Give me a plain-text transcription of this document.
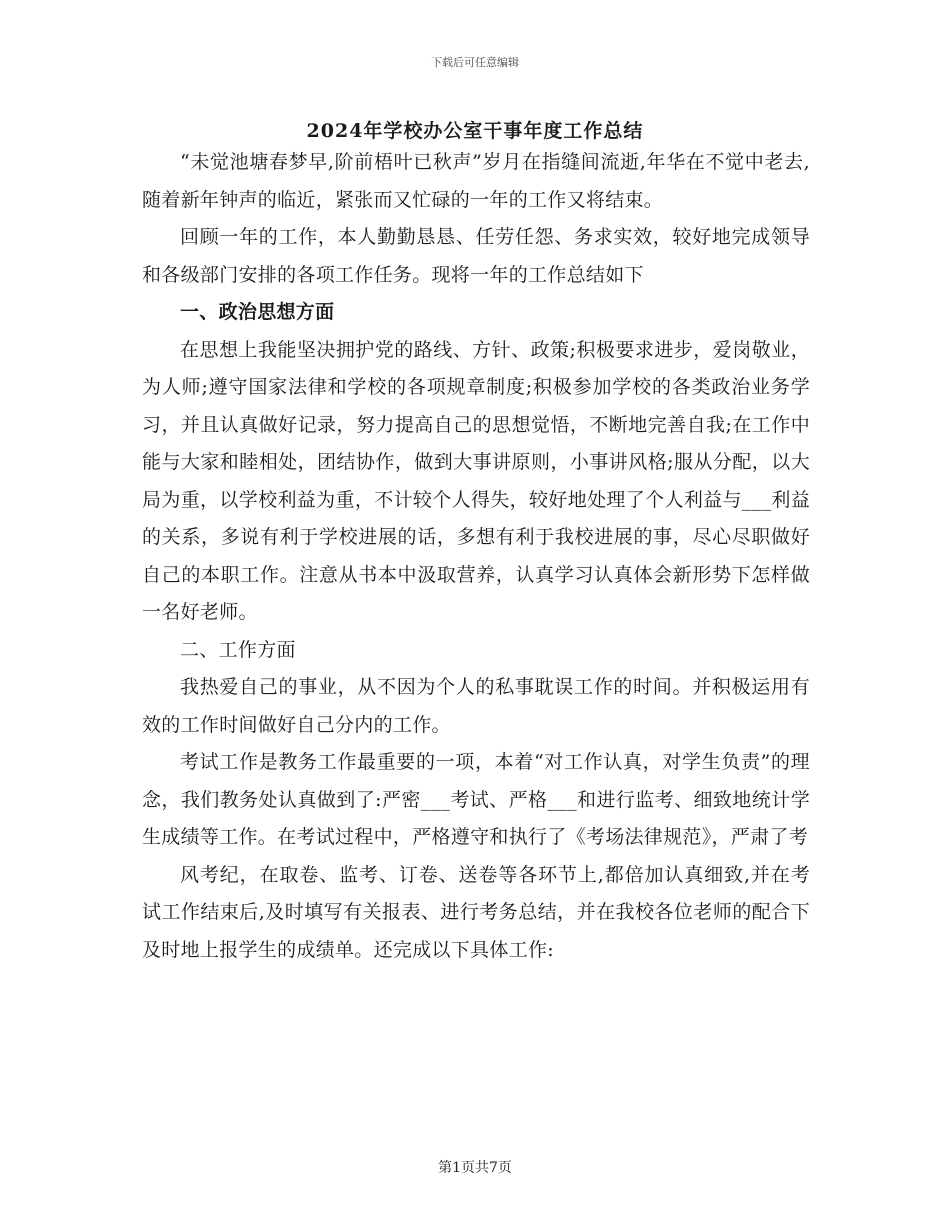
下载后可任意编辑
2024年学校办公室干事年度工作总结

“未觉池塘春梦早,阶前梧叶已秋声”岁月在指缝间流逝,年华在不觉中老去,随着新年钟声的临近，紧张而又忙碌的一年的工作又将结束。

回顾一年的工作，本人勤勤恳恳、任劳任怨、务求实效，较好地完成领导和各级部门安排的各项工作任务。现将一年的工作总结如下

一、政治思想方面

在思想上我能坚决拥护党的路线、方针、政策;积极要求进步，爱岗敬业，为人师;遵守国家法律和学校的各项规章制度;积极参加学校的各类政治业务学习，并且认真做好记录，努力提高自己的思想觉悟，不断地完善自我;在工作中能与大家和睦相处，团结协作，做到大事讲原则，小事讲风格;服从分配，以大局为重，以学校利益为重，不计较个人得失，较好地处理了个人利益与___利益的关系，多说有利于学校进展的话，多想有利于我校进展的事，尽心尽职做好自己的本职工作。注意从书本中汲取营养，认真学习认真体会新形势下怎样做一名好老师。

二、工作方面

我热爱自己的事业，从不因为个人的私事耽误工作的时间。并积极运用有效的工作时间做好自己分内的工作。

考试工作是教务工作最重要的一项，本着“对工作认真，对学生负责”的理念，我们教务处认真做到了:严密___考试、严格___和进行监考、细致地统计学生成绩等工作。在考试过程中，严格遵守和执行了《考场法律规范》，严肃了考

风考纪，在取卷、监考、订卷、送卷等各环节上,都倍加认真细致,并在考试工作结束后,及时填写有关报表、进行考务总结，并在我校各位老师的配合下及时地上报学生的成绩单。还完成以下具体工作:

第1页共7页
